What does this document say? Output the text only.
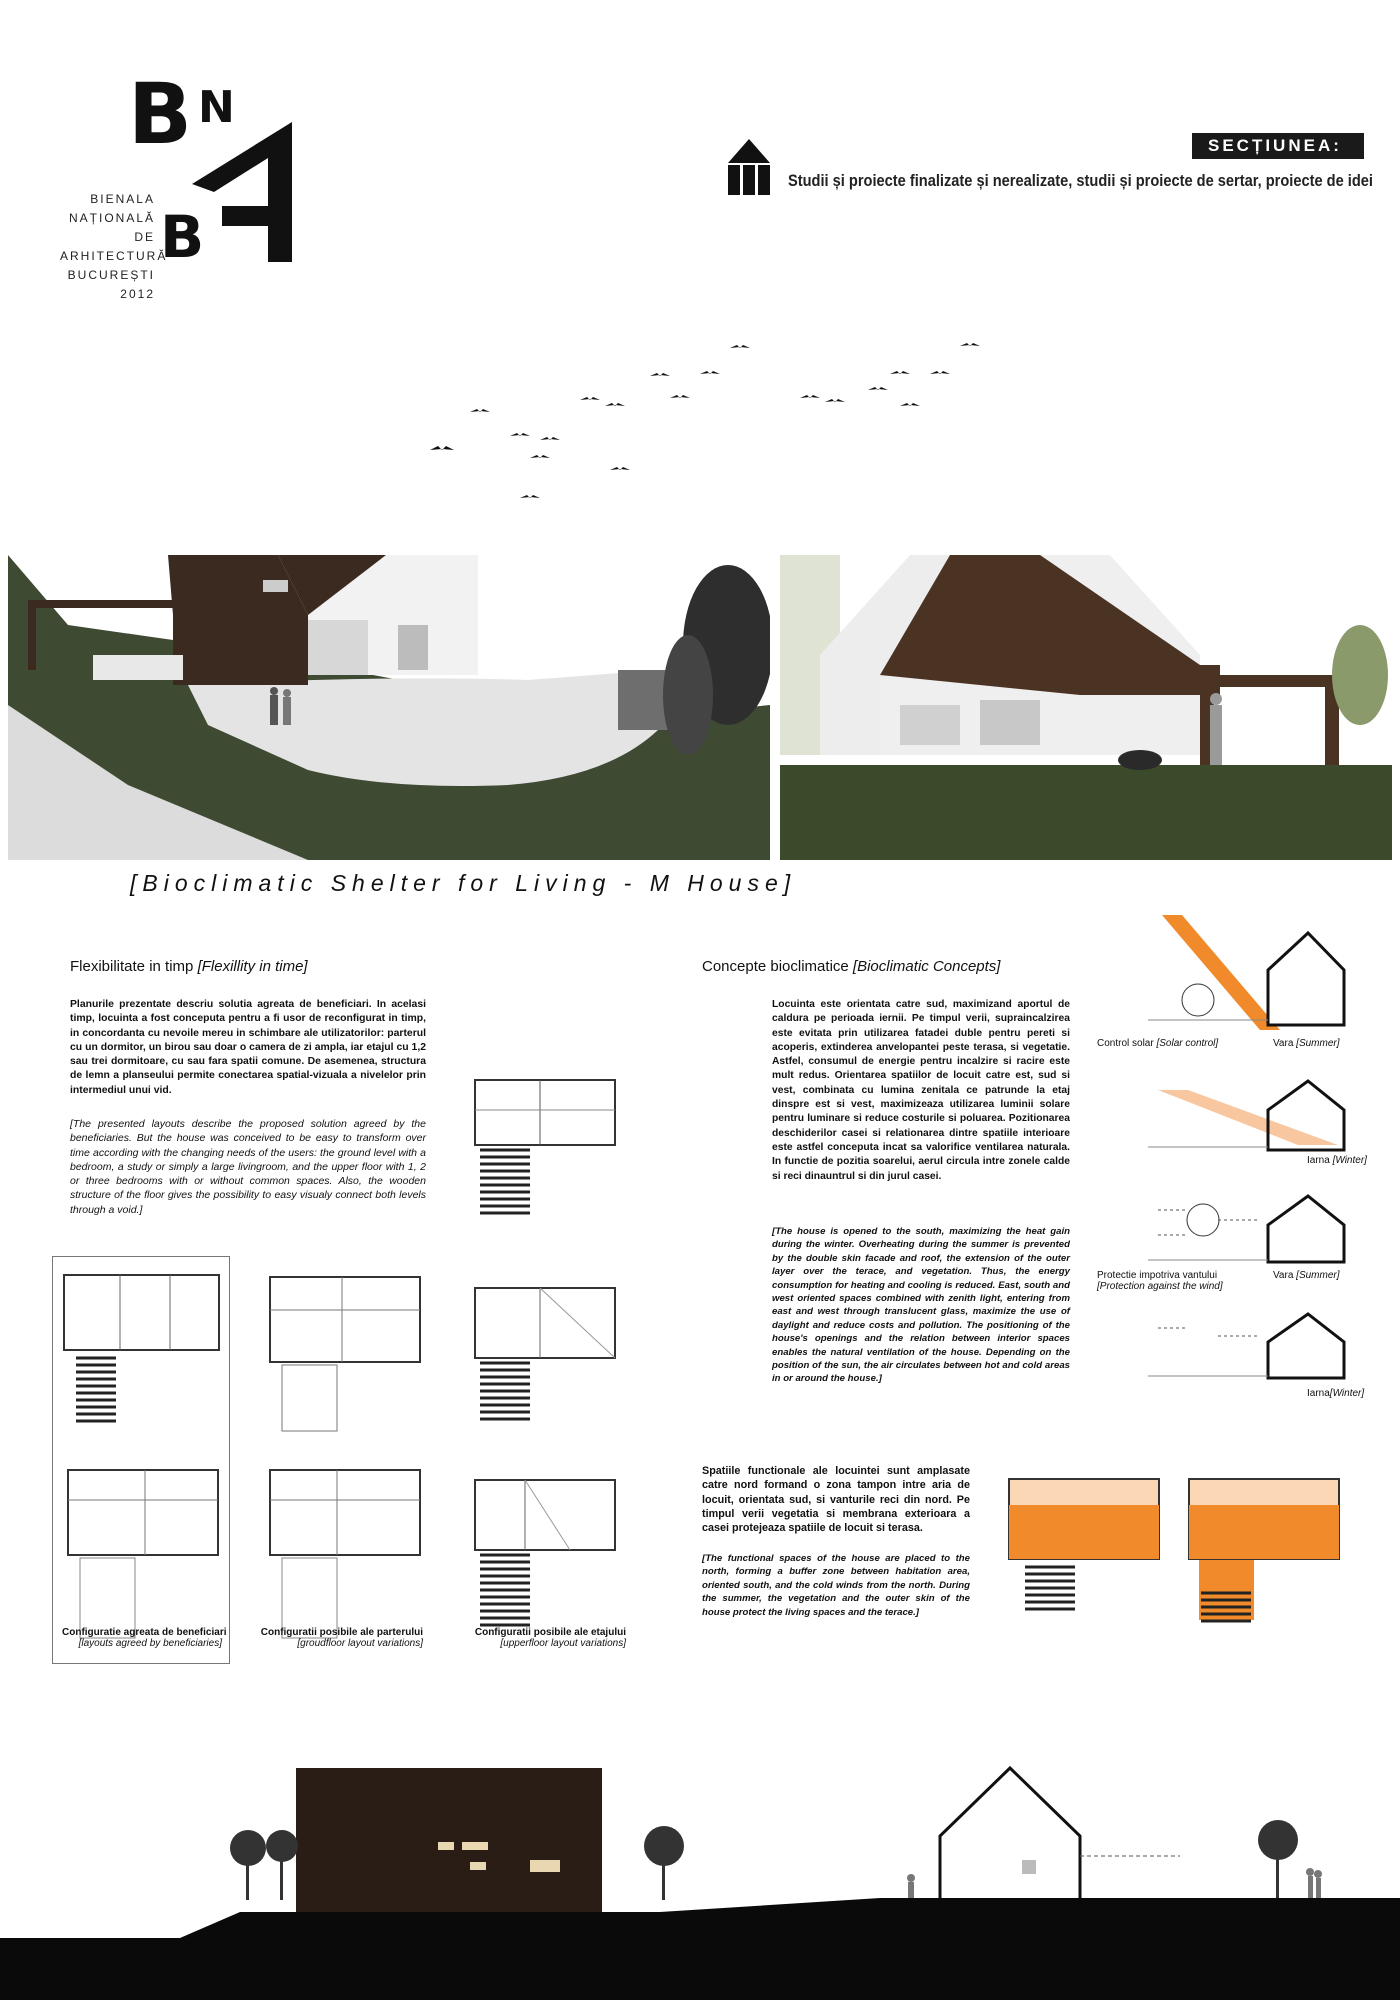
B N
B
BIENALA
NAȚIONALĂ
DE
ARHITECTURĂ
BUCUREȘTI
2012
SECȚIUNEA:
Studii și proiecte finalizate și nerealizate, studii și proiecte de sertar, proiecte de idei
[Bioclimatic Shelter for Living - M House]
Flexibilitate in timp [Flexillity in time]
Planurile prezentate descriu solutia agreata de beneficiari. In acelasi timp, locuinta a fost conceputa pentru a fi usor de reconfigurat in timp, in concordanta cu nevoile mereu in schimbare ale utilizatorilor: parterul cu un dormitor, un birou sau doar o camera de zi ampla, iar etajul cu 1,2 sau trei dormitoare, cu sau fara spatii comune. De asemenea, structura de lemn a planseului permite conectarea spatial-vizuala a nivelelor prin intermediul unui vid.
[The presented layouts describe the proposed solution agreed by the beneficiaries. But the house was conceived to be easy to transform over time according with the changing needs of the users: the ground level with a bedroom, a study or simply a large livingroom, and the upper floor with 1, 2 or three bedrooms with or without common spaces. Also, the wooden structure of the floor gives the possibility to easy visualy connect both levels through a void.]
Configuratie agreata de beneficiari
[layouts agreed by beneficiaries]
Configuratii posibile ale parterului
[groudfloor layout variations]
Configuratii posibile ale etajului
[upperfloor layout variations]
Concepte bioclimatice [Bioclimatic Concepts]
Locuinta este orientata catre sud, maximizand aportul de caldura pe perioada iernii. Pe timpul verii, supraincalzirea este evitata prin utilizarea fatadei duble pentru pereti si acoperis, extinderea anvelopantei peste terasa, si vegetatie. Astfel, consumul de energie pentru incalzire si racire este mult redus. Orientarea spatiilor de locuit catre est, sud si vest, combinata cu lumina zenitala ce patrunde la etaj dinspre est si vest, maximizeaza utilizarea luminii solare pentru luminare si reduce costurile si poluarea. Pozitionarea deschiderilor casei si relationarea dintre spatiile interioare este astfel conceputa incat sa valorifice ventilarea naturala. In functie de pozitia soarelui, aerul circula intre zonele calde si reci dinauntrul si din jurul casei.
[The house is opened to the south, maximizing the heat gain during the winter. Overheating during the summer is prevented by the double skin facade and roof, the extension of the outer layer over the terace, and vegetation. Thus, the energy consumption for heating and cooling is reduced. East, south and west oriented spaces combined with zenith light, entering from east and west through translucent glass, maximize the use of daylight and reduce costs and pollution. The positioning of the house's openings and the relation between interior spaces enables the natural ventilation of the house. Depending on the position of the sun, the air circulates between hot and cold areas in or around the house.]
Control solar [Solar control]	Vara [Summer]
Iarna [Winter]
Protectie impotriva vantului
[Protection against the wind]
Vara [Summer]
Iarna[Winter]
Spatiile functionale ale locuintei sunt amplasate catre nord formand o zona tampon intre aria de locuit, orientata sud, si vanturile reci din nord. Pe timpul verii vegetatia si membrana exterioara a casei protejeaza spatiile de locuit si terasa.
[The functional spaces of the house are placed to the north, forming a buffer zone between habitation area, oriented south, and the cold winds from the north. During the summer, the vegetation and the outer skin of the house protect the living spaces and the terace.]
